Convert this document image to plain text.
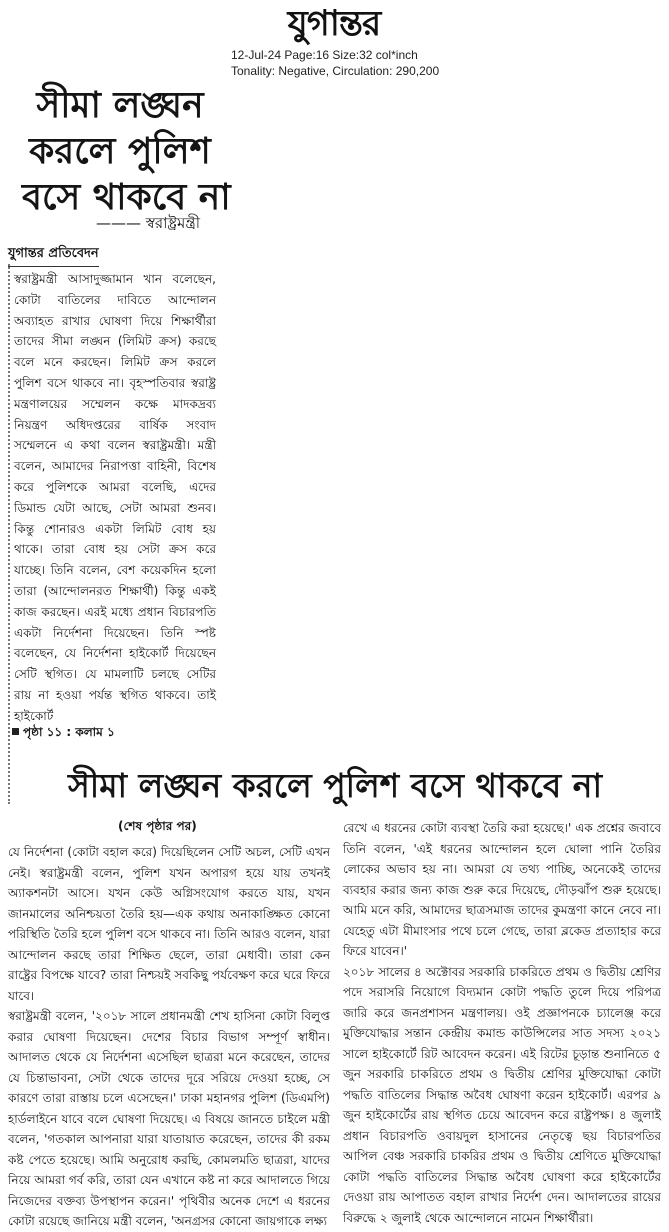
যুগান্তর
12-Jul-24 Page:16 Size:32 col*inch
Tonality: Negative, Circulation: 290,200
সীমা লঙ্ঘন
করলে পুলিশ
বসে থাকবে না
——— স্বরাষ্ট্রমন্ত্রী
যুগান্তর প্রতিবেদন

স্বরাষ্ট্রমন্ত্রী আসাদুজ্জামান খান বলেছেন, কোটা বাতিলের দাবিতে আন্দোলন অব্যাহত রাখার ঘোষণা দিয়ে শিক্ষার্থীরা তাদের সীমা লঙ্ঘন (লিমিট ক্রস) করছে বলে মনে করছেন। লিমিট ক্রস করলে পুলিশ বসে থাকবে না। বৃহস্পতিবার স্বরাষ্ট্র মন্ত্রণালয়ের সম্মেলন কক্ষে মাদকদ্রব্য নিয়ন্ত্রণ অধিদপ্তরের বার্ষিক সংবাদ সম্মেলনে এ কথা বলেন স্বরাষ্ট্রমন্ত্রী। মন্ত্রী বলেন, আমাদের নিরাপত্তা বাহিনী, বিশেষ করে পুলিশকে আমরা বলেছি, এদের ডিমান্ড যেটা আছে, সেটা আমরা শুনব। কিন্তু শোনারও একটা লিমিট বোধ হয় থাকে। তারা বোধ হয় সেটা ক্রস করে যাচ্ছে। তিনি বলেন, বেশ কয়েকদিন হলো তারা (আন্দোলনরত শিক্ষার্থী) কিন্তু একই কাজ করছেন। এরই মধ্যে প্রধান বিচারপতি একটা নির্দেশনা দিয়েছেন। তিনি স্পষ্ট বলেছেন, যে নির্দেশনা হাইকোর্ট দিয়েছেন সেটি স্থগিত। যে মামলাটি চলছে সেটির রায় না হওয়া পর্যন্ত স্থগিত থাকবে। তাই হাইকোর্ট

পৃষ্ঠা ১১ : কলাম ১
সীমা লঙ্ঘন করলে পুলিশ বসে থাকবে না

যে নির্দেশনা (কোটা বহাল করে) দিয়েছিলেন সেটি অচল, সেটি এখন নেই। স্বরাষ্ট্রমন্ত্রী বলেন, পুলিশ যখন অপারগ হয়ে যায় তখনই অ্যাকশনটা আসে। যখন কেউ অগ্নিসংযোগ করতে যায়, যখন জানমালের অনিশ্চয়তা তৈরি হয়—এক কথায় অনাকাঙ্ক্ষিত কোনো পরিস্থিতি তৈরি হলে পুলিশ বসে থাকবে না। তিনি আরও বলেন, যারা আন্দোলন করছে তারা শিক্ষিত ছেলে, তারা মেধাবী। তারা কেন রাষ্ট্রের বিপক্ষে যাবে? তারা নিশ্চয়ই সবকিছু পর্যবেক্ষণ করে ঘরে ফিরে যাবে।

স্বরাষ্ট্রমন্ত্রী বলেন, '২০১৮ সালে প্রধানমন্ত্রী শেখ হাসিনা কোটা বিলুপ্ত করার ঘোষণা দিয়েছেন। দেশের বিচার বিভাগ সম্পূর্ণ স্বাধীন। আদালত থেকে যে নির্দেশনা এসেছিল ছাত্ররা মনে করেছেন, তাদের যে চিন্তাভাবনা, সেটা থেকে তাদের দূরে সরিয়ে দেওয়া হচ্ছে, সে কারণে তারা রাস্তায় চলে এসেছেন।' ঢাকা মহানগর পুলিশ (ডিএমপি) হার্ডলাইনে যাবে বলে ঘোষণা দিয়েছে। এ বিষয়ে জানতে চাইলে মন্ত্রী বলেন, 'গতকাল আপনারা যারা যাতায়াত করেছেন, তাদের কী রকম কষ্ট পেতে হয়েছে। আমি অনুরোধ করছি, কোমলমতি ছাত্ররা, যাদের নিয়ে আমরা গর্ব করি, তারা যেন এখানে কষ্ট না করে আদালতে গিয়ে নিজেদের বক্তব্য উপস্থাপন করেন।' পৃথিবীর অনেক দেশে এ ধরনের কোটা রয়েছে জানিয়ে মন্ত্রী বলেন, 'অনগ্রসর কোনো জায়গাকে লক্ষ্য

(শেষ পৃষ্ঠার পর)	রেখে এ ধরনের কোটা ব্যবস্থা তৈরি করা হয়েছে।' এক প্রশ্নের জবাবে তিনি বলেন, 'এই ধরনের আন্দোলন হলে ঘোলা পানি তৈরির লোকের অভাব হয় না। আমরা যে তথ্য পাচ্ছি, অনেকেই তাদের ব্যবহার করার জন্য কাজ শুরু করে দিয়েছে, দৌড়ঝাঁপ শুরু হয়েছে। আমি মনে করি, আমাদের ছাত্রসমাজ তাদের কুমন্ত্রণা কানে নেবে না। যেহেতু এটা মীমাংসার পথে চলে গেছে, তারা ব্লকেড প্রত্যাহার করে ফিরে যাবেন।'

২০১৮ সালের ৪ অক্টোবর সরকারি চাকরিতে প্রথম ও দ্বিতীয় শ্রেণির পদে সরাসরি নিয়োগে বিদ্যমান কোটা পদ্ধতি তুলে দিয়ে পরিপত্র জারি করে জনপ্রশাসন মন্ত্রণালয়। ওই প্রজ্ঞাপনকে চ্যালেঞ্জ করে মুক্তিযোদ্ধার সন্তান কেন্দ্রীয় কমান্ড কাউন্সিলের সাত সদস্য ২০২১ সালে হাইকোর্টে রিট আবেদন করেন। এই রিটের চূড়ান্ত শুনানিতে ৫ জুন সরকারি চাকরিতে প্রথম ও দ্বিতীয় শ্রেণির মুক্তিযোদ্ধা কোটা পদ্ধতি বাতিলের সিদ্ধান্ত অবৈধ ঘোষণা করেন হাইকোর্ট। এরপর ৯ জুন হাইকোর্টের রায় স্থগিত চেয়ে আবেদন করে রাষ্ট্রপক্ষ। ৪ জুলাই প্রধান বিচারপতি ওবায়দুল হাসানের নেতৃত্বে ছয় বিচারপতির আপিল বেঞ্চ সরকারি চাকরির প্রথম ও দ্বিতীয় শ্রেণিতে মুক্তিযোদ্ধা কোটা পদ্ধতি বাতিলের সিদ্ধান্ত অবৈধ ঘোষণা করে হাইকোর্টের দেওয়া রায় আপাতত বহাল রাখার নির্দেশ দেন। আদালতের রায়ের বিরুদ্ধে ২ জুলাই থেকে আন্দোলনে নামেন শিক্ষার্থীরা।
